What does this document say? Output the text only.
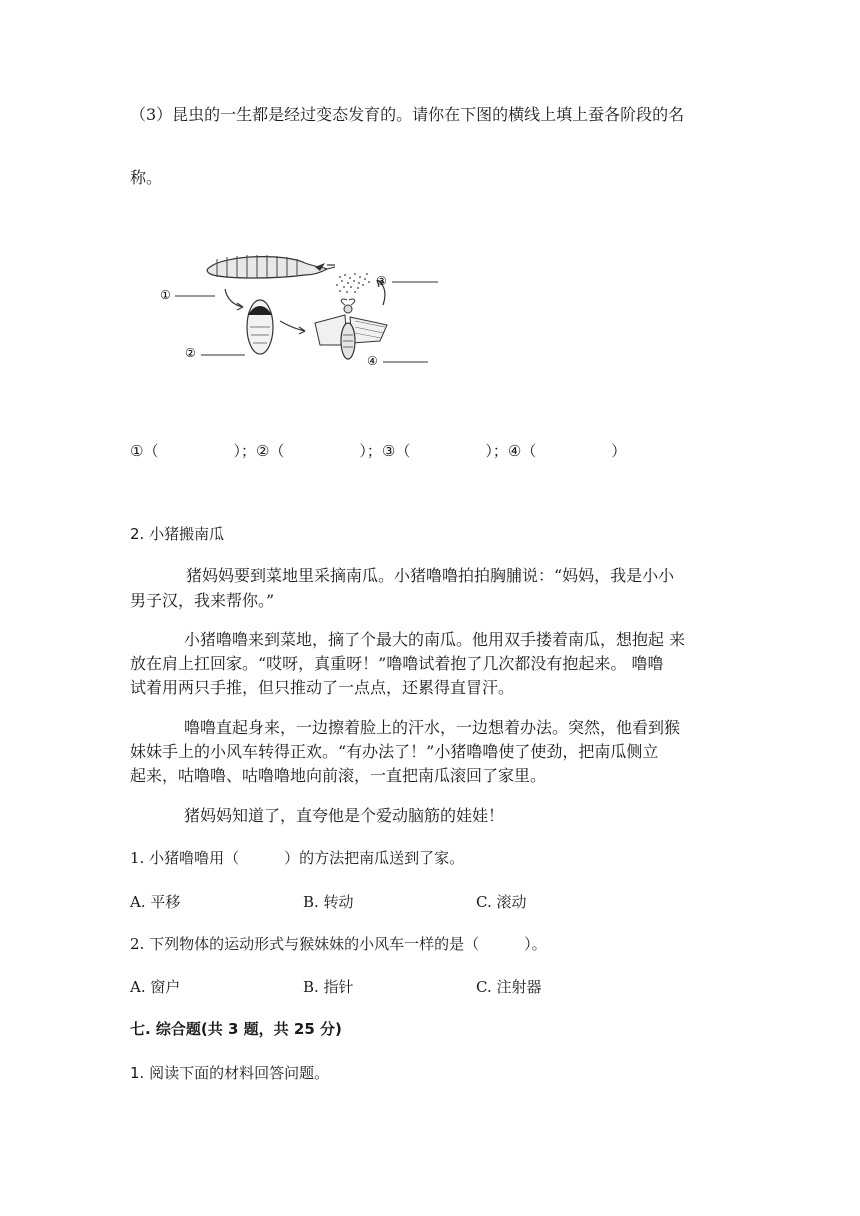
（3）昆虫的一生都是经过变态发育的。请你在下图的横线上填上蚕各阶段的名
称。
①
②
③
④
①（　　　　　）；②（　　　　　）；③（　　　　　）；④（　　　　　）
2. 小猪搬南瓜

猪妈妈要到菜地里采摘南瓜。小猪噜噜拍拍胸脯说：“妈妈，我是小小

男子汉，我来帮你。”
小猪噜噜来到菜地，摘了个最大的南瓜。他用双手搂着南瓜，想抱起 来
放在肩上扛回家。“哎呀，真重呀！”噜噜试着抱了几次都没有抱起来。 噜噜
试着用两只手推，但只推动了一点点，还累得直冒汗。
噜噜直起身来，一边擦着脸上的汗水，一边想着办法。突然，他看到猴
妹妹手上的小风车转得正欢。“有办法了！”小猪噜噜使了使劲，把南瓜侧立
起来，咕噜噜、咕噜噜地向前滚，一直把南瓜滚回了家里。
猪妈妈知道了，直夸他是个爱动脑筋的娃娃！
1. 小猪噜噜用（　　　）的方法把南瓜送到了家。
A. 平移	B. 转动	C. 滚动
2. 下列物体的运动形式与猴妹妹的小风车一样的是（　　　）。
A. 窗户	B. 指针	C. 注射器
七. 综合题(共 3 题，共 25 分)
1. 阅读下面的材料回答问题。
